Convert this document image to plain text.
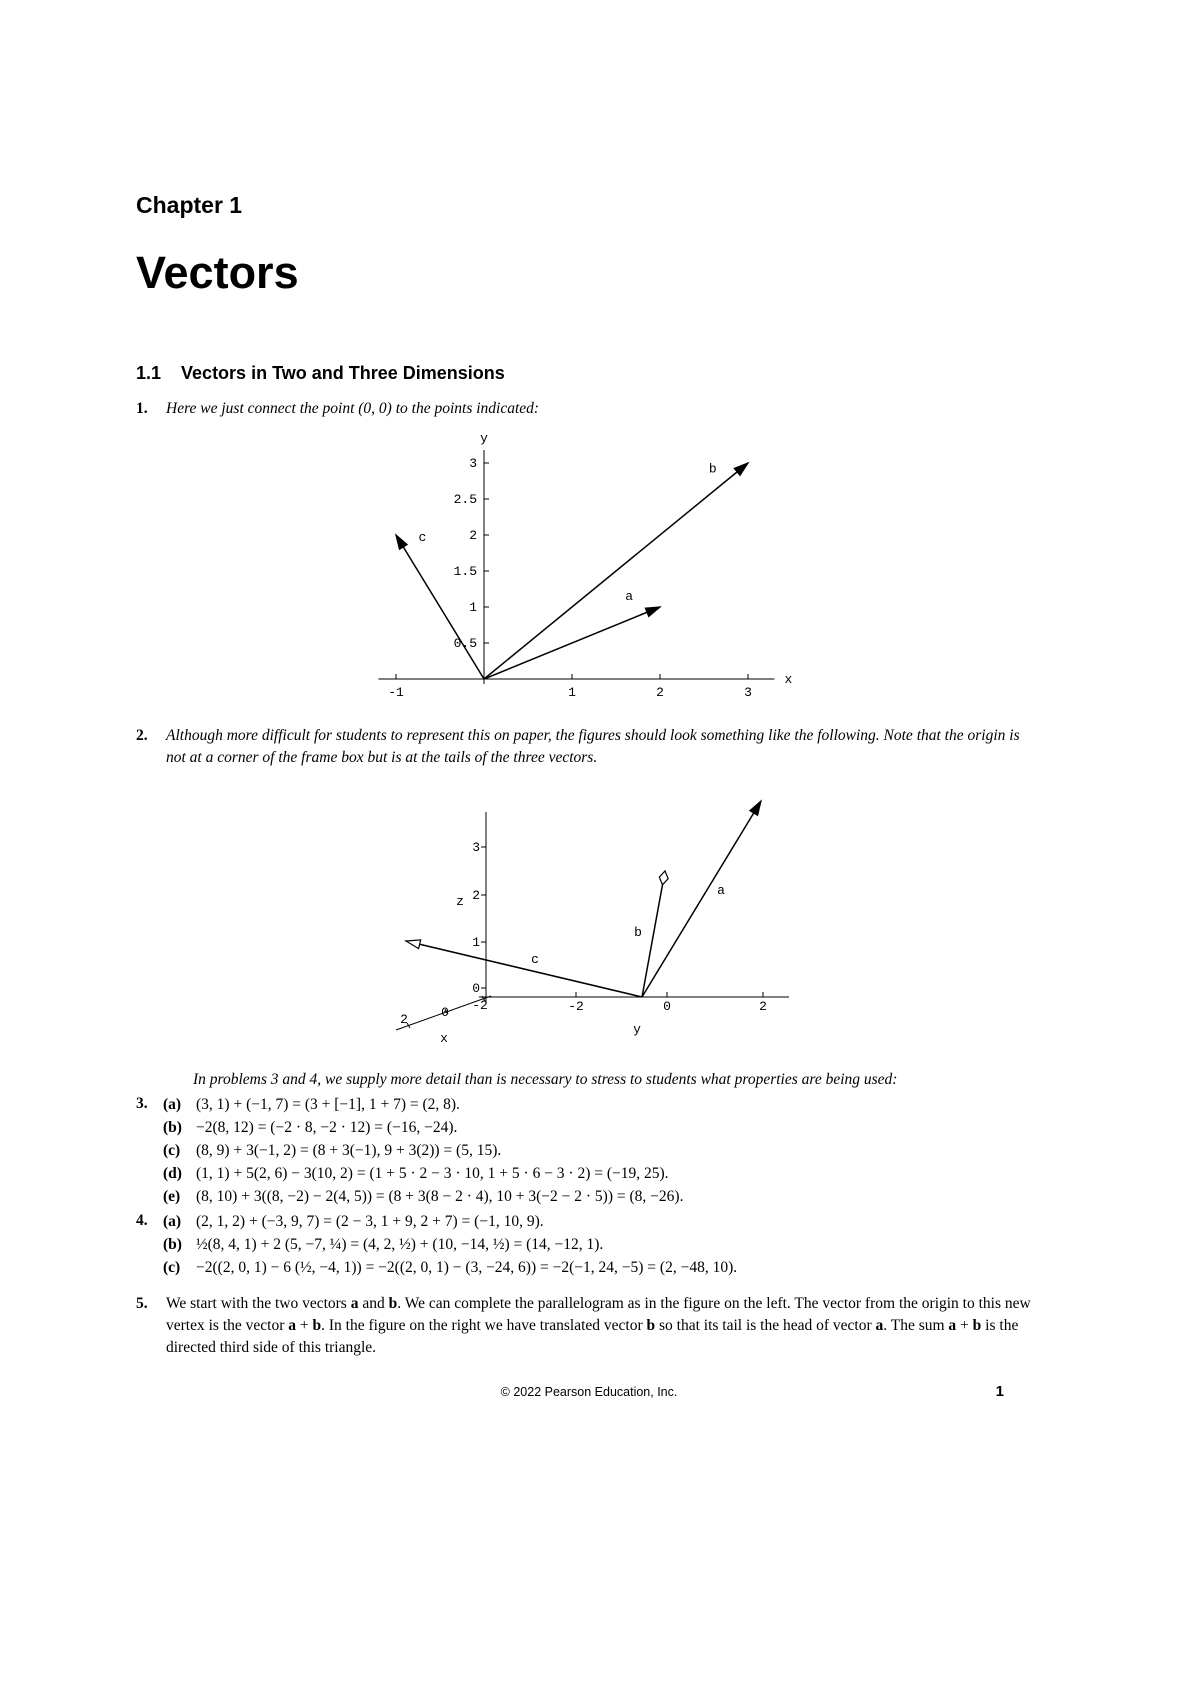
Chapter 1
Vectors
1.1 Vectors in Two and Three Dimensions
1.	Here we just connect the point (0, 0) to the points indicated:
-1	1	2	3
0.5
1
1.5
2
2.5
3
y
x
a
b
c
2.	Although more difficult for students to represent this on paper, the figures should look something like the following. Note that the origin is not at a corner of the frame box but is at the tails of the three vectors.
3
2
1
0
-2	0	2
2	0 -2
z
y
x
a
b
c
In problems 3 and 4, we supply more detail than is necessary to stress to students what properties are being used:
3. (a) (3, 1) + (−1, 7) = (3 + [−1], 1 + 7) = (2, 8).
(b) −2(8, 12) = (−2 · 8, −2 · 12) = (−16, −24).
(c)	(8, 9) + 3(−1, 2) = (8 + 3(−1), 9 + 3(2)) = (5, 15).
(d) (1, 1) + 5(2, 6) − 3(10, 2) = (1 + 5 · 2 − 3 · 10, 1 + 5 · 6 − 3 · 2) = (−19, 25).
(e)	(8, 10) + 3((8, −2) − 2(4, 5)) = (8 + 3(8 − 2 · 4), 10 + 3(−2 − 2 · 5)) = (8, −26).
4. (a) (2, 1, 2) + (−3, 9, 7) = (2 − 3, 1 + 9, 2 + 7) = (−1, 10, 9).
(b) ½(8, 4, 1) + 2 (5, −7, ¼) = (4, 2, ½) + (10, −14, ½) = (14, −12, 1).
(c)	−2((2, 0, 1) − 6 (½, −4, 1)) = −2((2, 0, 1) − (3, −24, 6)) = −2(−1, 24, −5) = (2, −48, 10).
5.	We start with the two vectors a and b. We can complete the parallelogram as in the figure on the left. The vector from the origin to this new vertex is the vector a + b. In the figure on the right we have translated vector b so that its tail is the head of vector a. The sum a + b is the directed third side of this triangle.
© 2022 Pearson Education, Inc.	1
